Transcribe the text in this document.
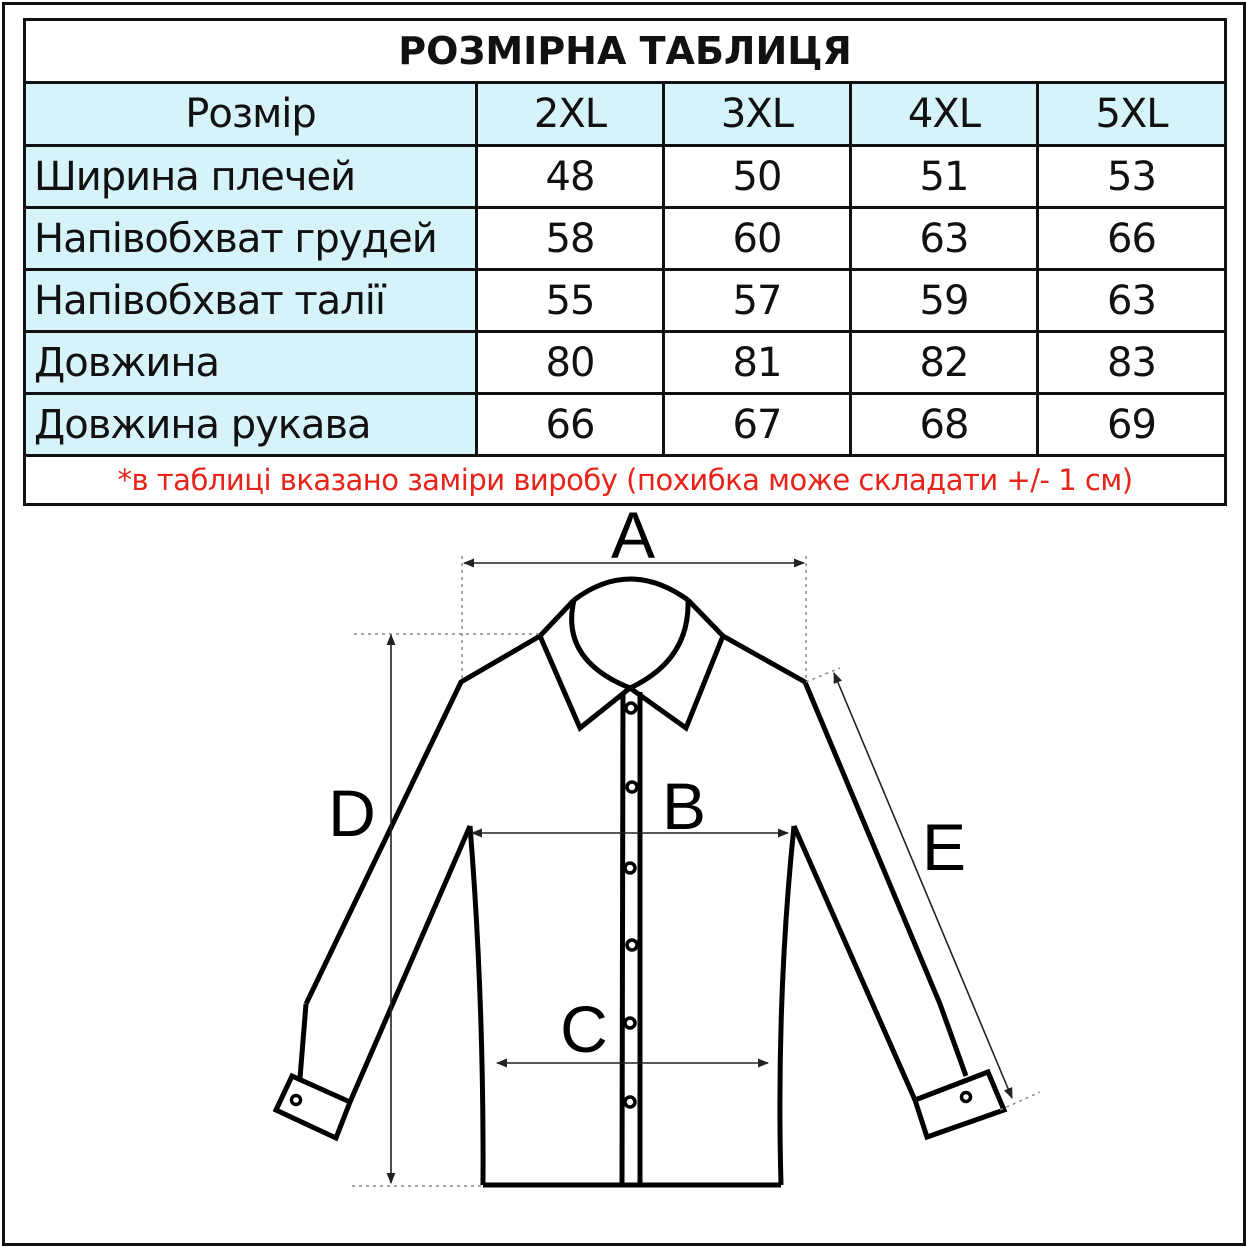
РОЗМІРНА ТАБЛИЦЯ				
Розмір	2XL	3XL	4XL	5XL
Ширина плечей	48	50	51	53
Напівобхват грудей	58	60	63	66
Напівобхват талії	55	57	59	63
Довжина	80	81	82	83
Довжина рукава	66	67	68	69
*в таблиці вказано заміри виробу (похибка може складати +/- 1 см)				
A
B
C
D	E
